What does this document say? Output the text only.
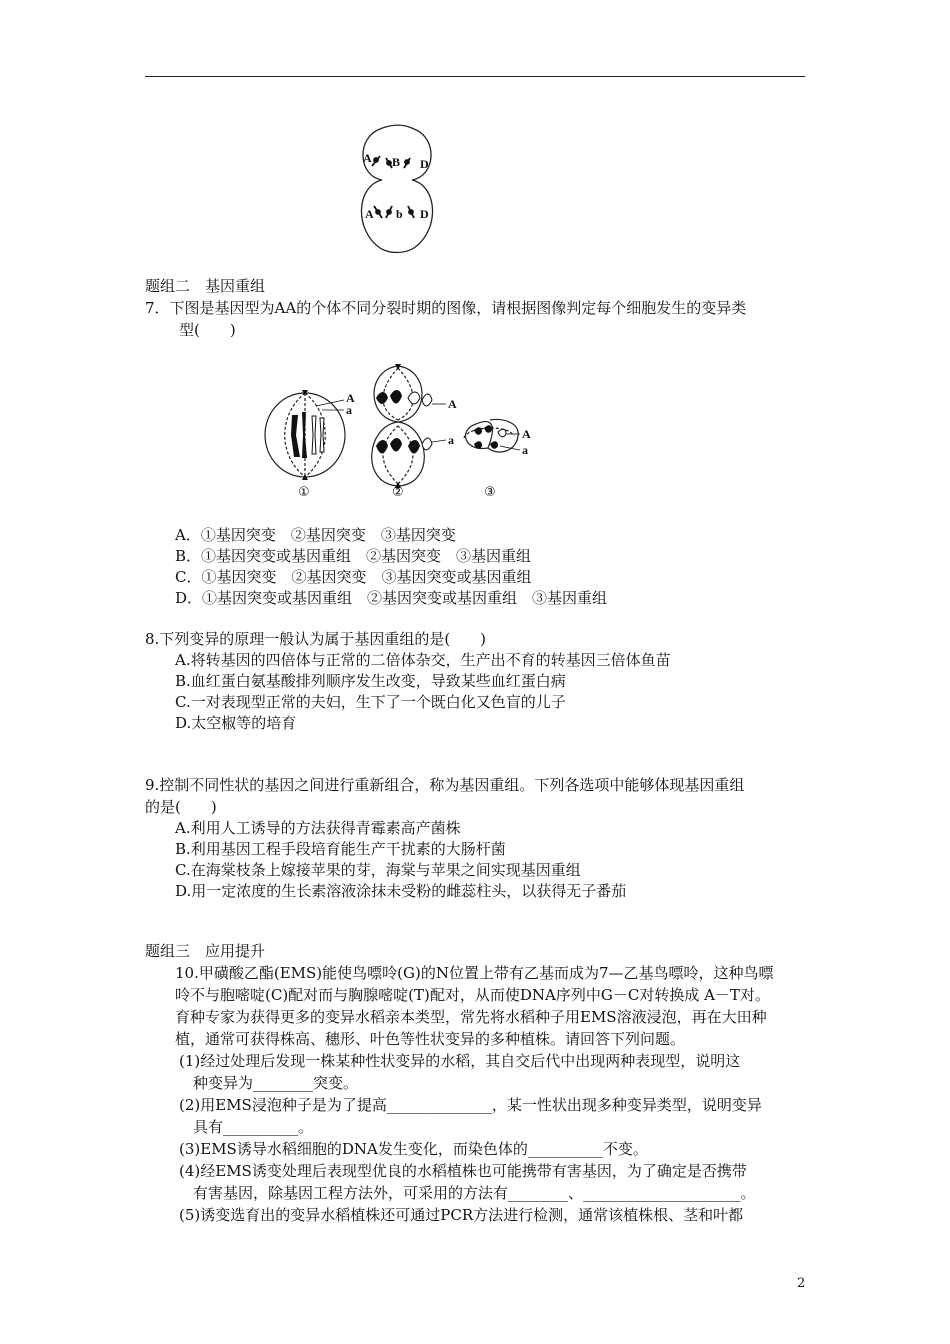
A B D
A b D
题组二　基因重组
7．下图是基因型为AA的个体不同分裂时期的图像，请根据图像判定每个细胞发生的变异类
型(　　)
A
a	A
a	A
a
①	②	③
A．①基因突变　②基因突变　③基因突变
B．①基因突变或基因重组　②基因突变　③基因重组
C．①基因突变　②基因突变　③基因突变或基因重组
D．①基因突变或基因重组　②基因突变或基因重组　③基因重组
8.下列变异的原理一般认为属于基因重组的是(　　)
A.将转基因的四倍体与正常的二倍体杂交，生产出不育的转基因三倍体鱼苗
B.血红蛋白氨基酸排列顺序发生改变，导致某些血红蛋白病
C.一对表现型正常的夫妇，生下了一个既白化又色盲的儿子
D.太空椒等的培育
9.控制不同性状的基因之间进行重新组合，称为基因重组。下列各选项中能够体现基因重组
的是(　　)
A.利用人工诱导的方法获得青霉素高产菌株
B.利用基因工程手段培育能生产干扰素的大肠杆菌
C.在海棠枝条上嫁接苹果的芽，海棠与苹果之间实现基因重组
D.用一定浓度的生长素溶液涂抹未受粉的雌蕊柱头，以获得无子番茄
题组三　应用提升
10.甲磺酸乙酯(EMS)能使鸟嘌呤(G)的N位置上带有乙基而成为7—乙基鸟嘌呤，这种鸟嘌
呤不与胞嘧啶(C)配对而与胸腺嘧啶(T)配对，从而使DNA序列中G－C对转换成 A－T对。
育种专家为获得更多的变异水稻亲本类型，常先将水稻种子用EMS溶液浸泡，再在大田种
植，通常可获得株高、穗形、叶色等性状变异的多种植株。请回答下列问题。
(1)经过处理后发现一株某种性状变异的水稻，其自交后代中出现两种表现型，说明这
种变异为________突变。
(2)用EMS浸泡种子是为了提高______________，某一性状出现多种变异类型，说明变异
具有__________。
(3)EMS诱导水稻细胞的DNA发生变化，而染色体的__________不变。
(4)经EMS诱变处理后表现型优良的水稻植株也可能携带有害基因，为了确定是否携带
有害基因，除基因工程方法外，可采用的方法有________、_____________________。
(5)诱变选育出的变异水稻植株还可通过PCR方法进行检测，通常该植株根、茎和叶都
2
